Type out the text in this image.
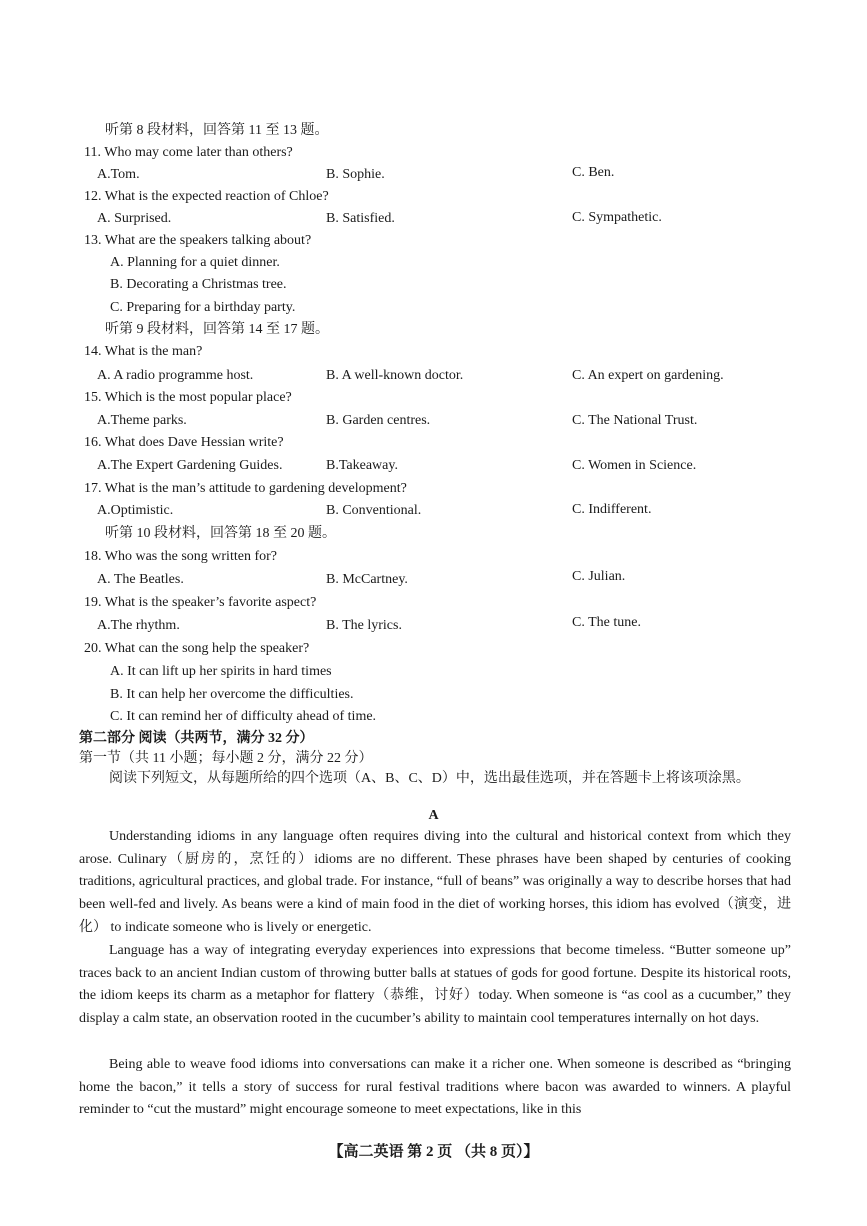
听第 8 段材料，回答第 11 至 13 题。
11. Who may come later than others?
A.Tom.	B. Sophie.	C. Ben.
12. What is the expected reaction of Chloe?
A. Surprised.	B. Satisfied.	C. Sympathetic.
13. What are the speakers talking about?
A. Planning for a quiet dinner.
B. Decorating a Christmas tree.
C. Preparing for a birthday party.
听第 9 段材料，回答第 14 至 17 题。
14. What is the man?
A. A radio programme host.	B. A well-known doctor.	C. An expert on gardening.
15. Which is the most popular place?
A.Theme parks.	B. Garden centres.	C. The National Trust.
16. What does Dave Hessian write?
A.The Expert Gardening Guides.	B.Takeaway.	C. Women in Science.
17. What is the man’s attitude to gardening development?
A.Optimistic.	B. Conventional.	C. Indifferent.
听第 10 段材料，回答第 18 至 20 题。
18. Who was the song written for?
A. The Beatles.	B. McCartney.	C. Julian.
19. What is the speaker’s favorite aspect?
A.The rhythm.	B. The lyrics.	C. The tune.
20. What can the song help the speaker?
A. It can lift up her spirits in hard times
B. It can help her overcome the difficulties.
C. It can remind her of difficulty ahead of time.
第二部分 阅读（共两节，满分 32 分）
第一节（共 11 小题；每小题 2 分，满分 22 分）
阅读下列短文，从每题所给的四个选项（A、B、C、D）中，选出最佳选项，并在答题卡上将该项涂黑。
A
Understanding idioms in any language often requires diving into the cultural and historical context from which they arose. Culinary（厨房的，烹饪的）idioms are no different. These phrases have been shaped by centuries of cooking traditions, agricultural practices, and global trade. For instance, “full of beans” was originally a way to describe horses that had been well-fed and lively. As beans were a kind of main food in the diet of working horses, this idiom has evolved（演变，进化） to indicate someone who is lively or energetic.
Language has a way of integrating everyday experiences into expressions that become timeless. “Butter someone up” traces back to an ancient Indian custom of throwing butter balls at statues of gods for good fortune. Despite its historical roots, the idiom keeps its charm as a metaphor for flattery（恭维，讨好）today. When someone is “as cool as a cucumber,” they display a calm state, an observation rooted in the cucumber’s ability to maintain cool temperatures internally on hot days.
Being able to weave food idioms into conversations can make it a richer one. When someone is described as “bringing home the bacon,” it tells a story of success for rural festival traditions where bacon was awarded to winners. A playful reminder to “cut the mustard” might encourage someone to meet expectations, like in this
【高二英语 第 2 页 （共 8 页）】
